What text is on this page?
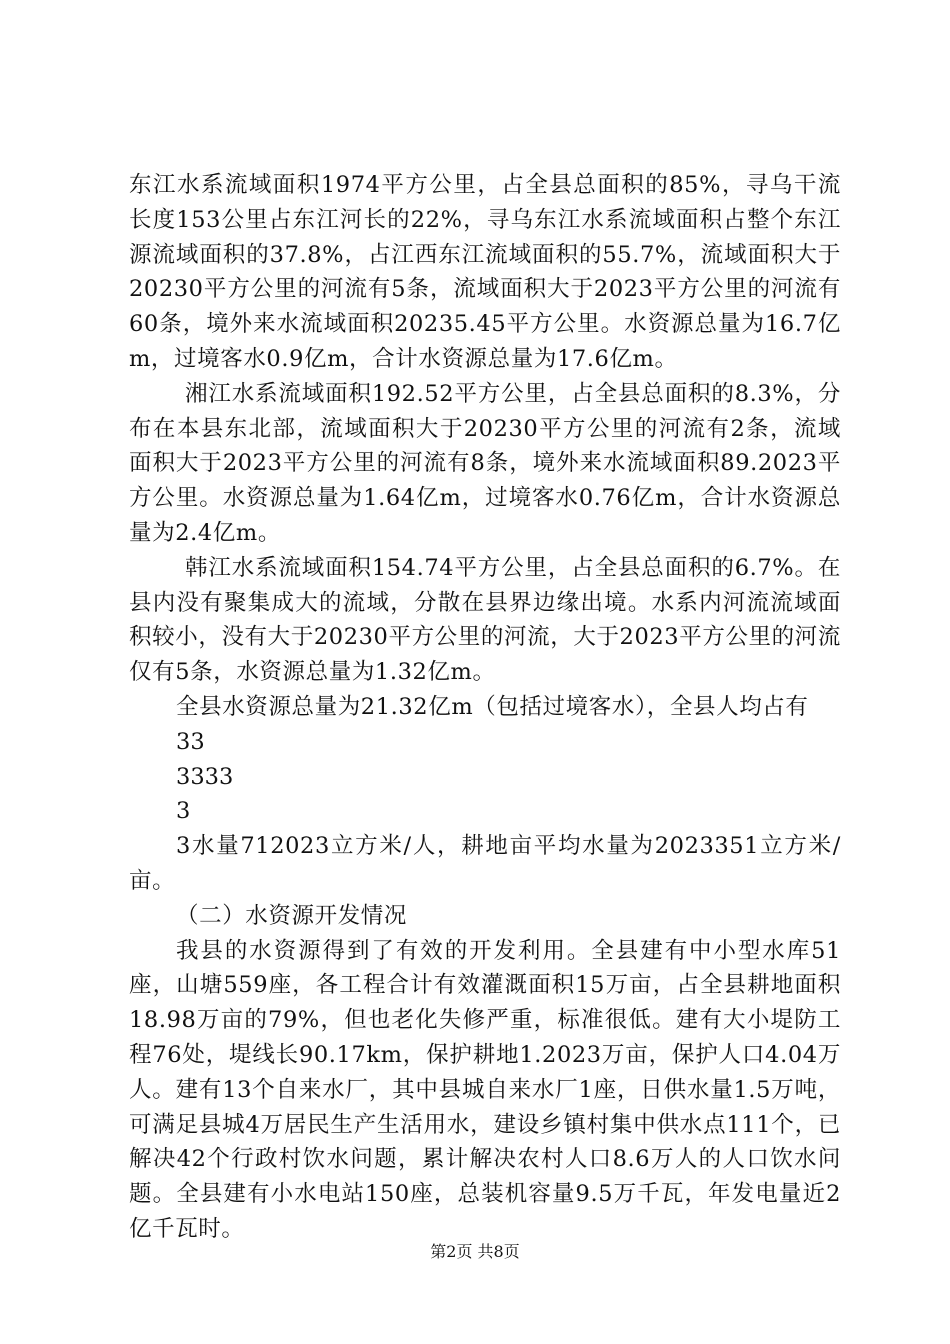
东江水系流域面积1974平方公里，占全县总面积的85%，寻乌干流长度153公里占东江河长的22%，寻乌东江水系流域面积占整个东江源流域面积的37.8%，占江西东江流域面积的55.7%，流域面积大于20230平方公里的河流有5条，流域面积大于2023平方公里的河流有60条，境外来水流域面积20235.45平方公里。水资源总量为16.7亿m，过境客水0.9亿m，合计水资源总量为17.6亿m。

湘江水系流域面积192.52平方公里，占全县总面积的8.3%，分布在本县东北部，流域面积大于20230平方公里的河流有2条，流域面积大于2023平方公里的河流有8条，境外来水流域面积89.2023平方公里。水资源总量为1.64亿m，过境客水0.76亿m，合计水资源总量为2.4亿m。

韩江水系流域面积154.74平方公里，占全县总面积的6.7%。在县内没有聚集成大的流域，分散在县界边缘出境。水系内河流流域面积较小，没有大于20230平方公里的河流，大于2023平方公里的河流仅有5条，水资源总量为1.32亿m。

全县水资源总量为21.32亿m（包括过境客水），全县人均占有

33

3333

3

3水量712023立方米/人，耕地亩平均水量为2023351立方米/亩。

（二）水资源开发情况

我县的水资源得到了有效的开发利用。全县建有中小型水库51座，山塘559座，各工程合计有效灌溉面积15万亩，占全县耕地面积18.98万亩的79%，但也老化失修严重，标准很低。建有大小堤防工程76处，堤线长90.17km，保护耕地1.2023万亩，保护人口4.04万人。建有13个自来水厂，其中县城自来水厂1座，日供水量1.5万吨，可满足县城4万居民生产生活用水，建设乡镇村集中供水点111个，已解决42个行政村饮水问题，累计解决农村人口8.6万人的人口饮水问题。全县建有小水电站150座，总装机容量9.5万千瓦，年发电量近2亿千瓦时。

第2页 共8页
